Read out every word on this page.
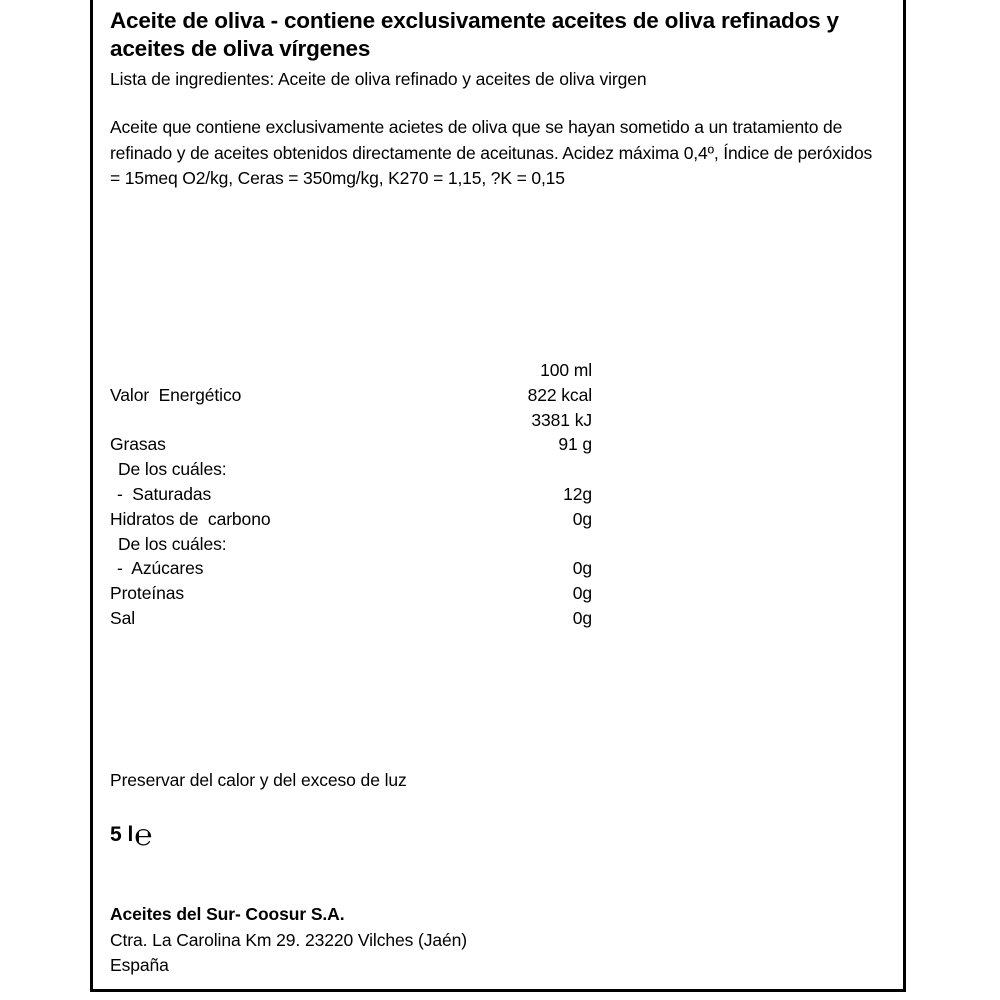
Aceite de oliva - contiene exclusivamente aceites de oliva refinados y aceites de oliva vírgenes

Lista de ingredientes: Aceite de oliva refinado y aceites de oliva virgen

Aceite que contiene exclusivamente acietes de oliva que se hayan sometido a un tratamiento de refinado y de aceites obtenidos directamente de aceitunas. Acidez máxima 0,4º, Índice de peróxidos = 15meq O2/kg, Ceras = 350mg/kg, K270 = 1,15, ?K = 0,15

100 ml

Valor  Energético	822 kcal
3381 kJ
Grasas	91 g
De los cuáles:
-  Saturadas	12g
Hidratos de  carbono	0g
De los cuáles:
-  Azúcares	0g
Proteínas	0g
Sal	0g
Preservar del calor y del exceso de luz
5 l℮
Aceites del Sur- Coosur S.A.
Ctra. La Carolina Km 29. 23220 Vilches (Jaén)
España
